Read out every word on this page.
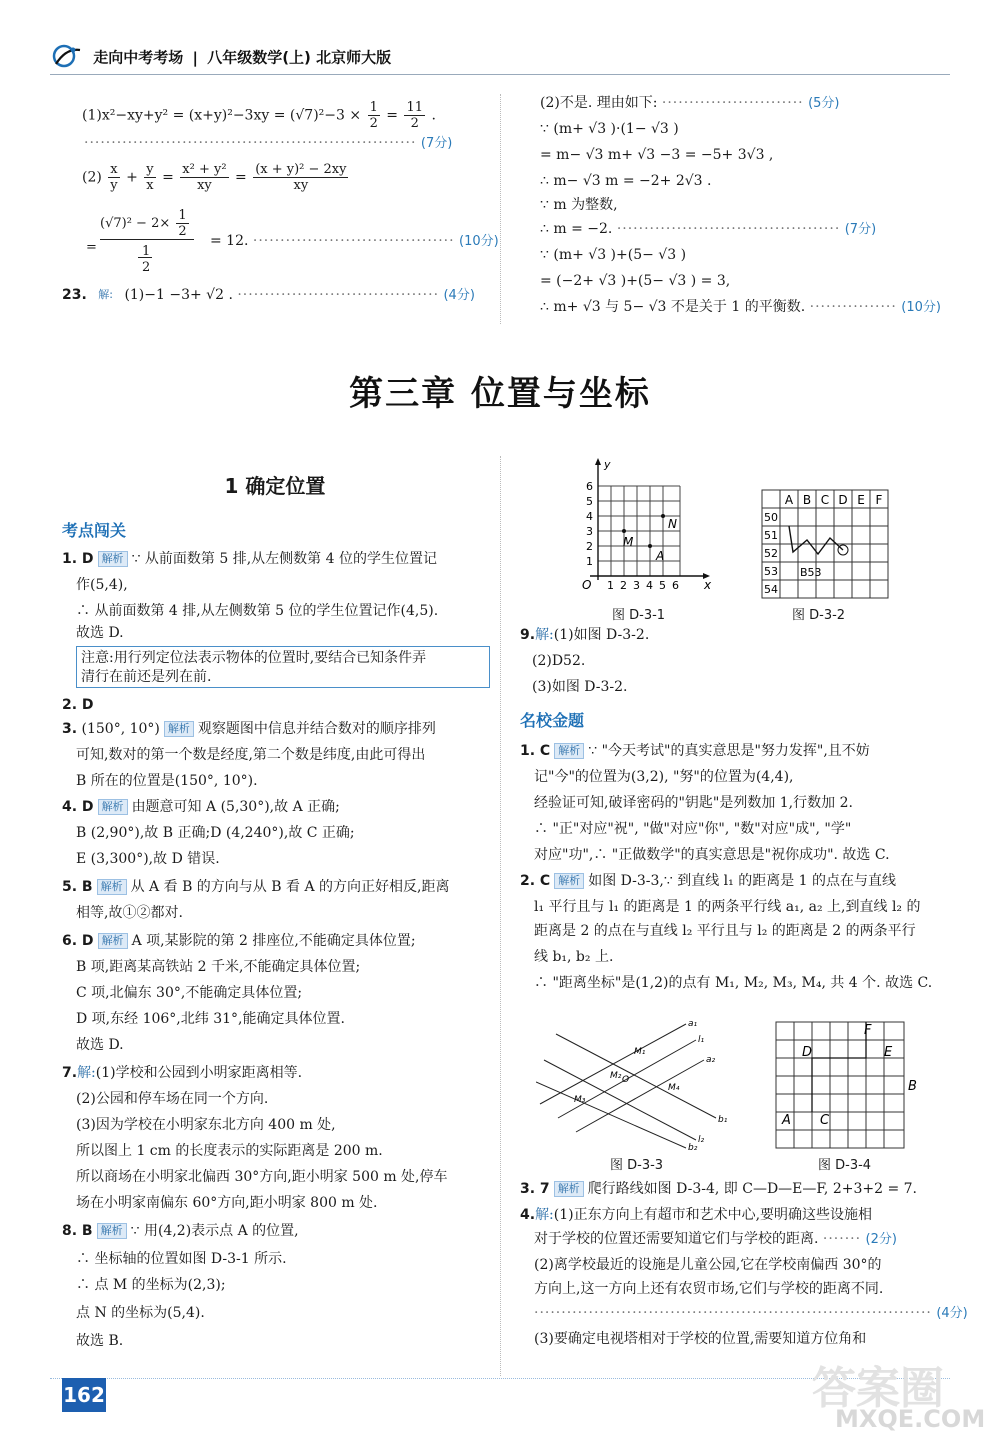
走向中考考场 | 八年级数学(上) 北京师大版
$(1)x^2-xy+y^2 = (x+y)^2-3xy = (√7)^2-3 \times \frac{1}{2} = \frac{11}{2}$ .
····························································· (7分)
$(2) \frac{x}{y} + \frac{y}{x} = \frac{\text{x² + y²}}{xy} = \frac{\text{(x + y)² − 2xy}}{xy}$
$(√7)^2 - 2\times \frac{1}{2}$
=	1
2
= 12. ····································· (10分)
23. 解: (1)−1 −3+ √2 . ····································· (4分)
(2)不是. 理由如下: ·························· (5分)
∵ (m+ √3 )·(1− √3 )
= m− √3 m+ √3 −3 = −5+ 3√3 ,
∴ m− √3 m = −2+ 2√3 .
∵ m 为整数,
∴ m = −2. ········································· (7分)
∵ (m+ √3 )+(5− √3 )
= (−2+ √3 )+(5− √3 ) = 3,
∴ m+ √3 与 5− √3 不是关于 1 的平衡数. ················ (10分)
第三章 位置与坐标
1 确定位置
考点闯关
1. D 解析 ∵ 从前面数第 5 排,从左侧数第 4 位的学生位置记
作(5,4),
∴ 从前面数第 4 排,从左侧数第 5 位的学生位置记作(4,5).
故选 D.
注意:用行列定位法表示物体的位置时,要结合已知条件弄
清行在前还是列在前.
2. D
3. (150°, 10°) 解析 观察题图中信息并结合数对的顺序排列
可知,数对的第一个数是经度,第二个数是纬度,由此可得出
B 所在的位置是(150°, 10°).
4. D 解析 由题意可知 A (5,30°),故 A 正确;
B (2,90°),故 B 正确;D (4,240°),故 C 正确;
E (3,300°),故 D 错误.
5. B 解析 从 A 看 B 的方向与从 B 看 A 的方向正好相反,距离
相等,故①②都对.
6. D 解析 A 项,某影院的第 2 排座位,不能确定具体位置;
B 项,距离某高铁站 2 千米,不能确定具体位置;
C 项,北偏东 30°,不能确定具体位置;
D 项,东经 106°,北纬 31°,能确定具体位置.
故选 D.
7.解:(1)学校和公园到小明家距离相等.
(2)公园和停车场在同一个方向.
(3)因为学校在小明家东北方向 400 m 处,
所以图上 1 cm 的长度表示的实际距离是 200 m.
所以商场在小明家北偏西 30°方向,距小明家 500 m 处,停车
场在小明家南偏东 60°方向,距小明家 800 m 处.
8. B 解析 ∵ 用(4,2)表示点 A 的位置,
∴ 坐标轴的位置如图 D-3-1 所示.
∴ 点 M 的坐标为(2,3);
点 N 的坐标为(5,4).
故选 B.
y
x
O
1
2
3
4
5
6
1 2 3 4 5 6
M
N
A
图 D-3-1
A B C D E F
50
51
52
53
54
B53
图 D-3-2
9.解:(1)如图 D-3-2.
(2)D52.
(3)如图 D-3-2.
名校金题
1. C 解析 ∵ "今天考试"的真实意思是"努力发挥",且不妨
记"今"的位置为(3,2), "努"的位置为(4,4),
经验证可知,破译密码的"钥匙"是列数加 1,行数加 2.
∴ "正"对应"祝", "做"对应"你", "数"对应"成", "学"
对应"功",∴ "正做数学"的真实意思是"祝你成功". 故选 C.
2. C 解析 如图 D-3-3,∵ 到直线 l₁ 的距离是 1 的点在与直线
l₁ 平行且与 l₁ 的距离是 1 的两条平行线 a₁, a₂ 上,到直线 l₂ 的
距离是 2 的点在与直线 l₂ 平行且与 l₂ 的距离是 2 的两条平行
线 b₁, b₂ 上.
∴ "距离坐标"是(1,2)的点有 M₁, M₂, M₃, M₄, 共 4 个. 故选 C.
a₁
l₁
a₂
b₁
l₂
b₂
M₁
M₂
M₃
M₄
O
图 D-3-3
F
D	E
B
A C
图 D-3-4
3. 7 解析 爬行路线如图 D-3-4, 即 C—D—E—F, 2+3+2 = 7.
4.解:(1)正东方向上有超市和艺术中心,要明确这些设施相
对于学校的位置还需要知道它们与学校的距离. ······· (2分)
(2)离学校最近的设施是儿童公园,它在学校南偏西 30°的
方向上,这一方向上还有农贸市场,它们与学校的距离不同.
········································································· (4分)
(3)要确定电视塔相对于学校的位置,需要知道方位角和
162	答案圈
MXQE.COM
